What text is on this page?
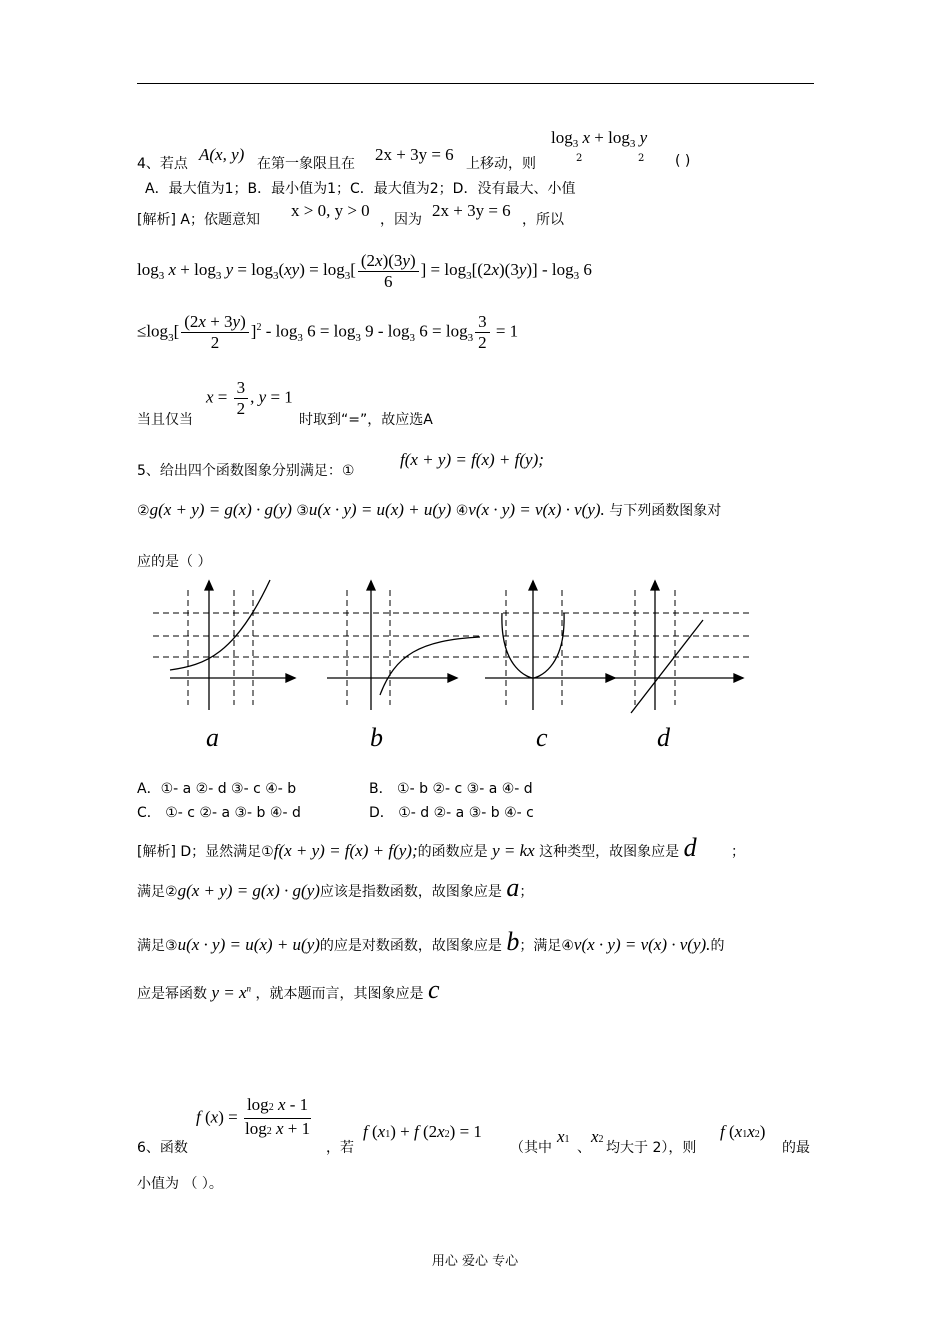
$\log_3 x + \log_3 y$
2	2
4、若点 A(x, y) 在第一象限且在 2x + 3y = 6 上移动，则	( )
A．最大值为1；B．最小值为1；C．最大值为2；D．没有最大、小值
[解析] A；依题意知 x > 0, y > 0 ，因为 2x + 3y = 6 ，所以
$\log_3 x + \log_3 y = \log_3(xy) = \log_3[ \frac{(2x)(3y)}{6}$ ] = $\log_3[(2x)(3y)] - \log_3 6$
$\le\log_3[ \frac{(2x + 3y)}{2} ]^2 - \log_3 6 = \log_3 9 - \log_3 6 = \log_3 \frac{3}{2} = 1$
当且仅当
$x = \frac{3}{2}$ , y = 1
时取到“=”，故应选A
5、给出四个函数图象分别满足：①
f(x + y) = f(x) + f(y);
②g(x + y) = g(x) · g(y) ③u(x · y) = u(x) + u(y) ④v(x · y) = v(x) · v(y). 与下列函数图象对
应的是（ ）
a	b	c	d
A．①- a ②- d ③- c ④- b	B． ①- b ②- c ③- a ④- d
C． ①- c ②- a ③- b ④- d	D． ①- d ②- a ③- b ④- c
[解析] D；显然满足①f(x + y) = f(x) + f(y);的函数应是 y = kx 这种类型，故图象应是 d ；
满足②g(x + y) = g(x) · g(y)应该是指数函数，故图象应是 a；
满足③u(x · y) = u(x) + u(y)的应是对数函数，故图象应是 b；满足④v(x · y) = v(x) · v(y).的
应是幂函数 $y = x^n$ ，就本题而言，其图象应是 c
6、函数
f $(x) = \frac{\log 2 x - 1}{\log 2 x + 1}$
，若
f (x1) + f (2x2) = 1
（其中
x1
、
x2
均大于 2），则
f (x1x2)
的最
小值为 （ ）。
用心 爱心 专心
